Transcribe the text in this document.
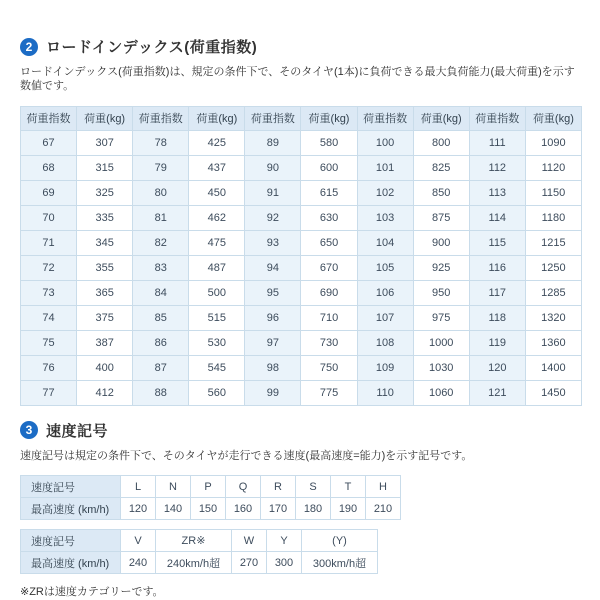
2 ロードインデックス(荷重指数)

ロードインデックス(荷重指数)は、規定の条件下で、そのタイヤ(1本)に負荷できる最大負荷能力(最大荷重)を示す数値です。

荷重指数	荷重(kg)	荷重指数	荷重(kg)	荷重指数	荷重(kg)	荷重指数	荷重(kg)	荷重指数	荷重(kg)
67	307	78	425	89	580	100	800	111	1090
68	315	79	437	90	600	101	825	112	1120
69	325	80	450	91	615	102	850	113	1150
70	335	81	462	92	630	103	875	114	1180
71	345	82	475	93	650	104	900	115	1215
72	355	83	487	94	670	105	925	116	1250
73	365	84	500	95	690	106	950	117	1285
74	375	85	515	96	710	107	975	118	1320
75	387	86	530	97	730	108	1000	119	1360
76	400	87	545	98	750	109	1030	120	1400
77	412	88	560	99	775	110	1060	121	1450
3 速度記号

速度記号は規定の条件下で、そのタイヤが走行できる速度(最高速度=能力)を示す記号です。

速度記号	L	N	P	Q	R	S	T	H
最高速度 (km/h)	120	140	150	160	170	180	190	210
速度記号	V	ZR※	W	Y	(Y)
最高速度 (km/h)	240	240km/h超	270	300	300km/h超

※ZRは速度カテゴリーです。
